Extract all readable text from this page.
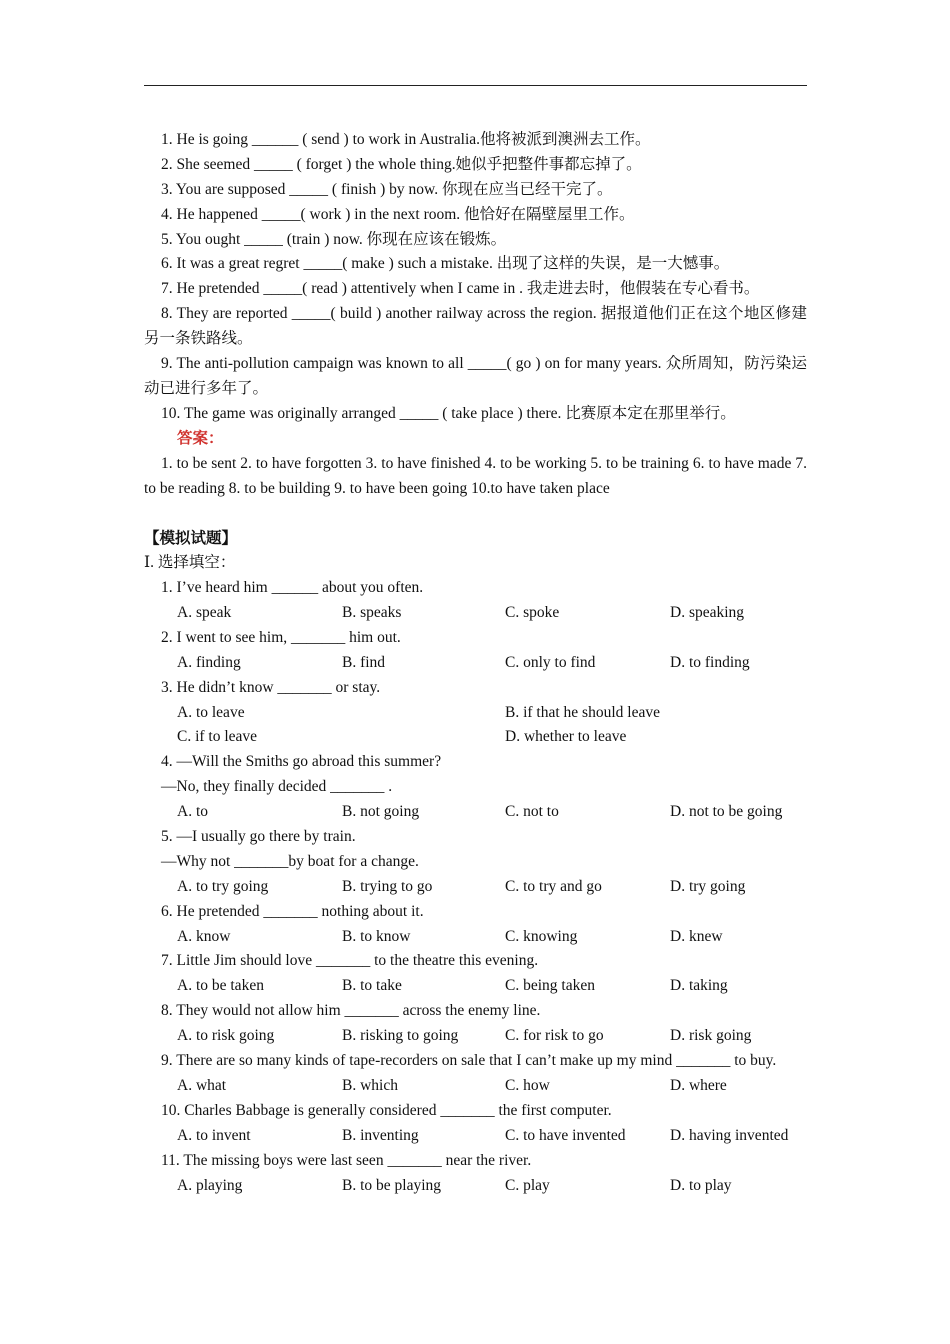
1. He is going ______ ( send ) to work in Australia.他将被派到澳洲去工作。
2. She seemed _____ ( forget ) the whole thing.她似乎把整件事都忘掉了。
3. You are supposed _____ ( finish ) by now. 你现在应当已经干完了。
4. He happened _____( work ) in the next room. 他恰好在隔壁屋里工作。
5. You ought _____ (train ) now. 你现在应该在锻炼。
6. It was a great regret _____( make ) such a mistake. 出现了这样的失误，是一大憾事。
7. He pretended _____( read ) attentively when I came in . 我走进去时，他假装在专心看书。
8. They are reported _____( build ) another railway across the region. 据报道他们正在这个地区修建另一条铁路线。
9. The anti-pollution campaign was known to all _____( go ) on for many years. 众所周知，防污染运动已进行多年了。
10. The game was originally arranged _____ ( take place ) there. 比赛原本定在那里举行。
答案：
1. to be sent 2. to have forgotten 3. to have finished 4. to be working 5. to be training 6. to have made 7. to be reading 8. to be building 9. to have been going 10.to have taken place
【模拟试题】
Ⅰ. 选择填空：
1. I’ve heard him ______ about you often.
A. speak	B. speaks	C. spoke	D. speaking
2. I went to see him, _______ him out.
A. finding	B. find	C. only to find	D. to finding
3. He didn’t know _______ or stay.
A. to leave	B. if that he should leave
C. if to leave	D. whether to leave
4. —Will the Smiths go abroad this summer?
—No, they finally decided _______ .
A. to	B. not going	C. not to	D. not to be going
5. —I usually go there by train.
—Why not _______by boat for a change.
A. to try going	B. trying to go	C. to try and go	D. try going
6. He pretended _______ nothing about it.
A. know	B. to know	C. knowing	D. knew
7. Little Jim should love _______ to the theatre this evening.
A. to be taken	B. to take	C. being taken	D. taking
8. They would not allow him _______ across the enemy line.
A. to risk going	B. risking to going	C. for risk to go	D. risk going
9. There are so many kinds of tape-recorders on sale that I can’t make up my mind _______ to buy.
A. what	B. which	C. how	D. where
10. Charles Babbage is generally considered _______ the first computer.
A. to invent	B. inventing	C. to have invented	D. having invented
11. The missing boys were last seen _______ near the river.
A. playing	B. to be playing	C. play	D. to play
